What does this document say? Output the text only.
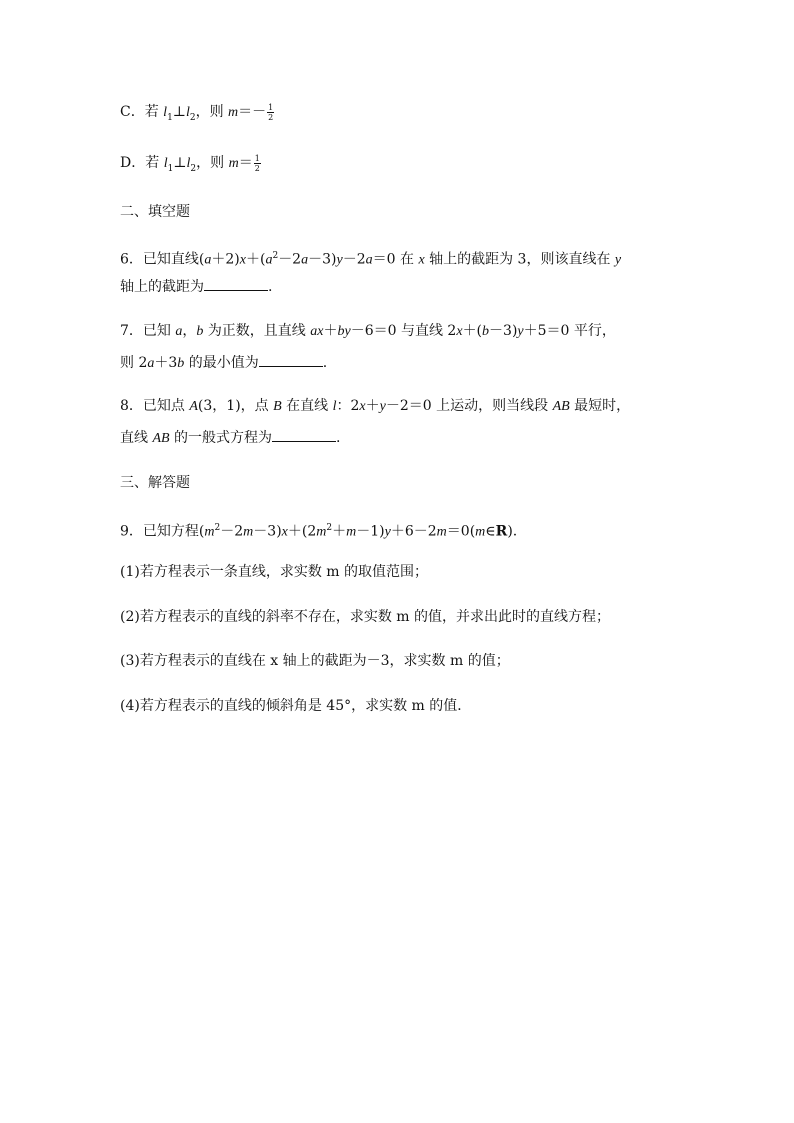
C．若 $l_1\perp l_2$，则 $m=- \frac{1}{2}$
D．若 $l_1\perp l_2$，则 $m= \frac{1}{2}$
二、填空题
6．已知直线$(a+2)x+(a^2-2a-3)y-2a=0$ 在 x 轴上的截距为 3，则该直线在 y
轴上的截距为	.
7．已知 a，b 为正数，且直线 ax＋by－6＝0 与直线 2x＋(b－3)y＋5＝0 平行，
则 2a＋3b 的最小值为	.
8．已知点 A(3，1)，点 B 在直线 l：2x＋y－2＝0 上运动，则当线段 AB 最短时，
直线 AB 的一般式方程为	.
三、解答题
9．已知方程$(m^2-2m-3)x+(2m^2+m-1)y+6-2m=0(m\in R)$.
(1)若方程表示一条直线，求实数 m 的取值范围；
(2)若方程表示的直线的斜率不存在，求实数 m 的值，并求出此时的直线方程；
(3)若方程表示的直线在 x 轴上的截距为－3，求实数 m 的值；
(4)若方程表示的直线的倾斜角是 45°，求实数 m 的值．
